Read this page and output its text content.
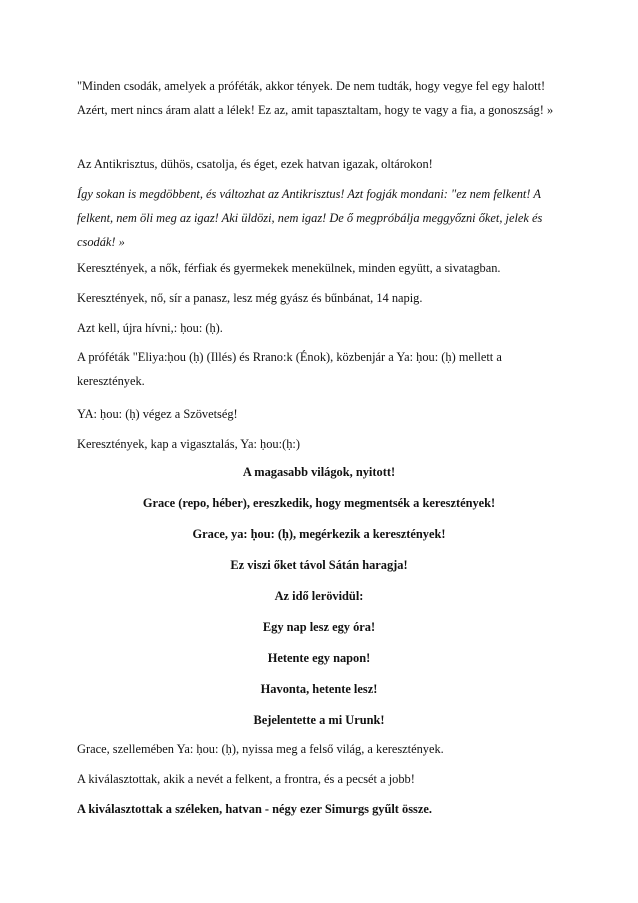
"Minden csodák, amelyek a próféták, akkor tények. De nem tudták, hogy vegye fel egy halott! Azért, mert nincs áram alatt a lélek! Ez az, amit tapasztaltam, hogy te vagy a fia, a gonoszság! »

Az Antikrisztus, dühös, csatolja, és éget, ezek hatvan igazak, oltárokon!

Így sokan is megdöbbent, és változhat az Antikrisztus! Azt fogják mondani: "ez nem felkent! A felkent, nem öli meg az igaz! Aki üldözi, nem igaz! De ő megpróbálja meggyőzni őket, jelek és csodák! »

Keresztények, a nők, férfiak és gyermekek menekülnek, minden együtt, a sivatagban.

Keresztények, nő, sír a panasz, lesz még gyász és bűnbánat, 14 napig.

Azt kell, újra hívni,: ḥou: (ḥ).

A próféták "Eliya:ḥou (ḥ) (Illés) és Rrano:k (Énok), közbenjár a Ya: ḥou: (ḥ) mellett a keresztények.

YA: ḥou: (ḥ) végez a Szövetség!

Keresztények, kap a vigasztalás, Ya: ḥou:(ḥ:)

A magasabb világok, nyitott!

Grace (repo, héber), ereszkedik, hogy megmentsék a keresztények!

Grace, ya: ḥou: (ḥ), megérkezik a keresztények!

Ez viszi őket távol Sátán haragja!

Az idő lerövidül:

Egy nap lesz egy óra!

Hetente egy napon!

Havonta, hetente lesz!

Bejelentette a mi Urunk!

Grace, szellemében Ya: ḥou: (ḥ), nyissa meg a felső világ, a keresztények.

A kiválasztottak, akik a nevét a felkent, a frontra, és a pecsét a jobb!

A kiválasztottak a széleken, hatvan - négy ezer Simurgs gyűlt össze.
